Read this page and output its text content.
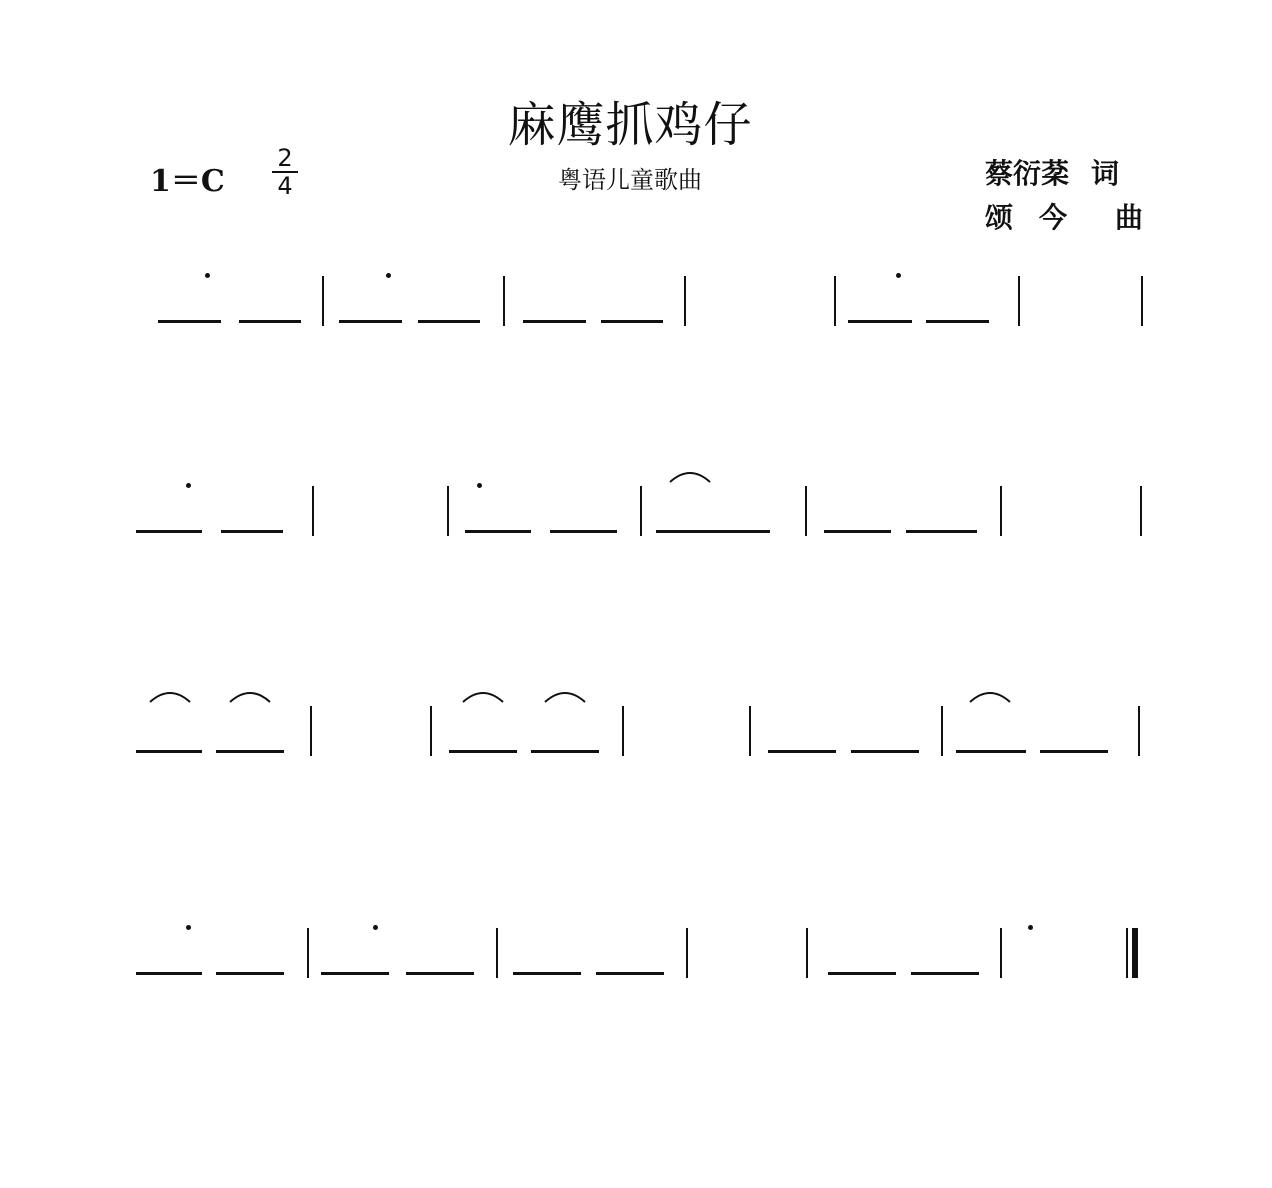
麻鹰抓鸡仔
粤语儿童歌曲
1＝C
2
4	蔡衍棻 词
颂今 曲
